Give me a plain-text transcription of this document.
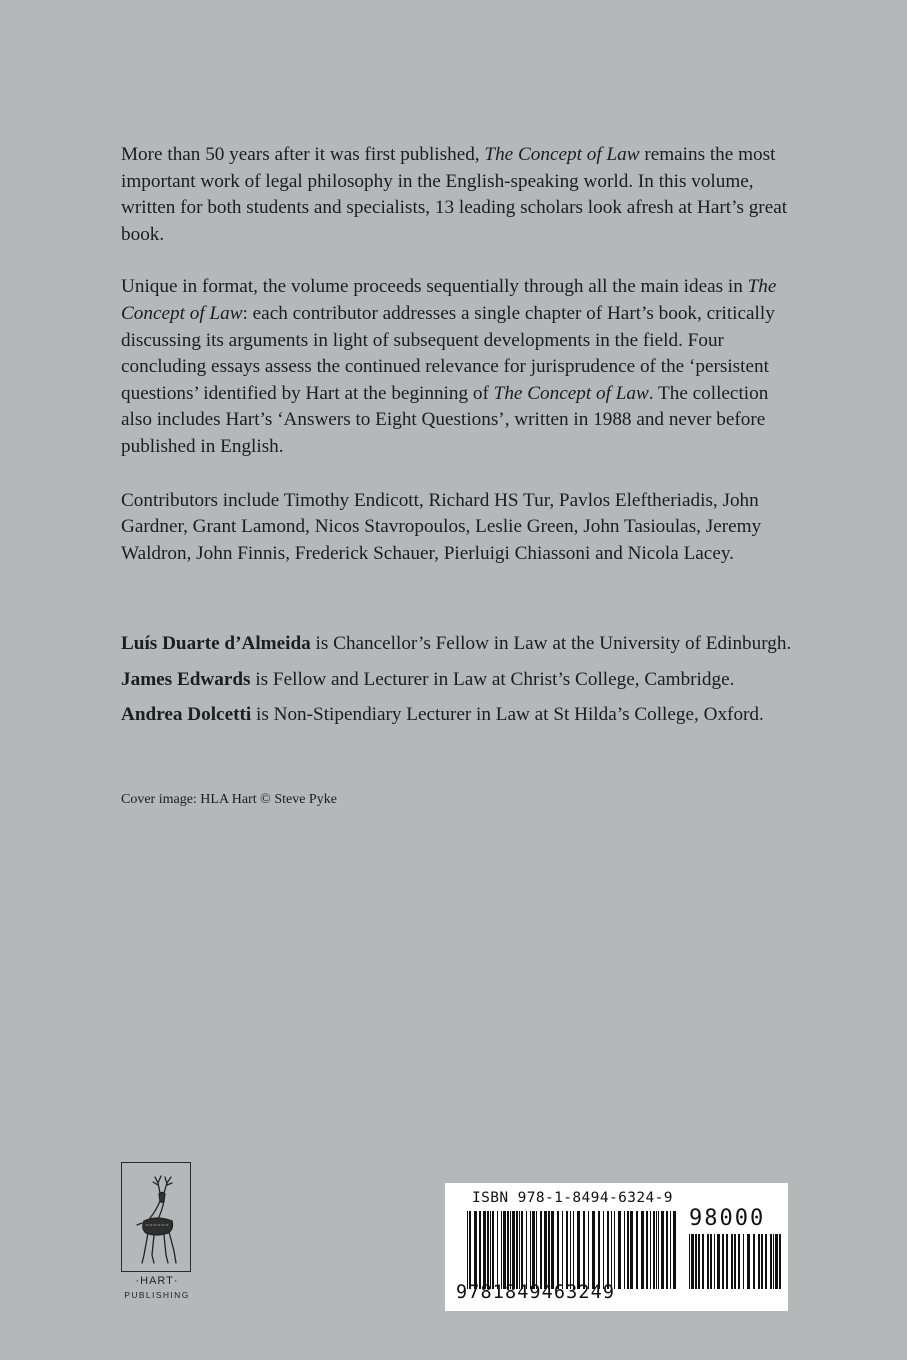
More than 50 years after it was first published, The Concept of Law remains the most important work of legal philosophy in the English-speaking world. In this volume, written for both students and specialists, 13 leading scholars look afresh at Hart’s great book.

Unique in format, the volume proceeds sequentially through all the main ideas in The Concept of Law: each contributor addresses a single chapter of Hart’s book, critically discussing its arguments in light of subsequent developments in the field. Four concluding essays assess the continued relevance for jurisprudence of the ‘persistent questions’ identified by Hart at the beginning of The Concept of Law. The collection also includes Hart’s ‘Answers to Eight Questions’, written in 1988 and never before published in English.

Contributors include Timothy Endicott, Richard HS Tur, Pavlos Eleftheriadis, John Gardner, Grant Lamond, Nicos Stavropoulos, Leslie Green, John Tasioulas, Jeremy Waldron, John Finnis, Frederick Schauer, Pierluigi Chiassoni and Nicola Lacey.

Luís Duarte d’Almeida is Chancellor’s Fellow in Law at the University of Edinburgh.

James Edwards is Fellow and Lecturer in Law at Christ’s College, Cambridge.

Andrea Dolcetti is Non-Stipendiary Lecturer in Law at St Hilda’s College, Oxford.

Cover image: HLA Hart © Steve Pyke
·HART·
PUBLISHING
ISBN 978-1-8494-6324-9
98000
9781849463249
